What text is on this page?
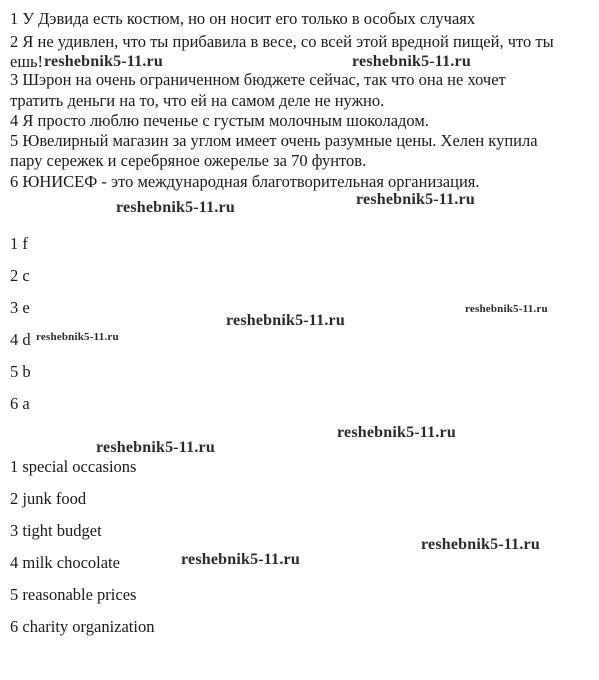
1 У Дэвида есть костюм, но он носит его только в особых случаях
2 Я не удивлен, что ты прибавила в весе, со всей этой вредной пищей, что ты
ешь!
3 Шэрон на очень ограниченном бюджете сейчас, так что она не хочет
тратить деньги на то, что ей на самом деле не нужно.
4 Я просто люблю печенье с густым молочным шоколадом.
5 Ювелирный магазин за углом имеет очень разумные цены. Хелен купила
пару сережек и серебряное ожерелье за 70 фунтов.
6 ЮНИСЕФ - это международная благотворительная организация.
1 f
2 c
3 e
4 d
5 b
6 a
1 special occasions
2 junk food
3 tight budget
4 milk chocolate
5 reasonable prices
6 charity organization
reshebnik5-11.ru	reshebnik5-11.ru
reshebnik5-11.ru	reshebnik5-11.ru
reshebnik5-11.ru
reshebnik5-11.ru
reshebnik5-11.ru
reshebnik5-11.ru
reshebnik5-11.ru
reshebnik5-11.ru
reshebnik5-11.ru
